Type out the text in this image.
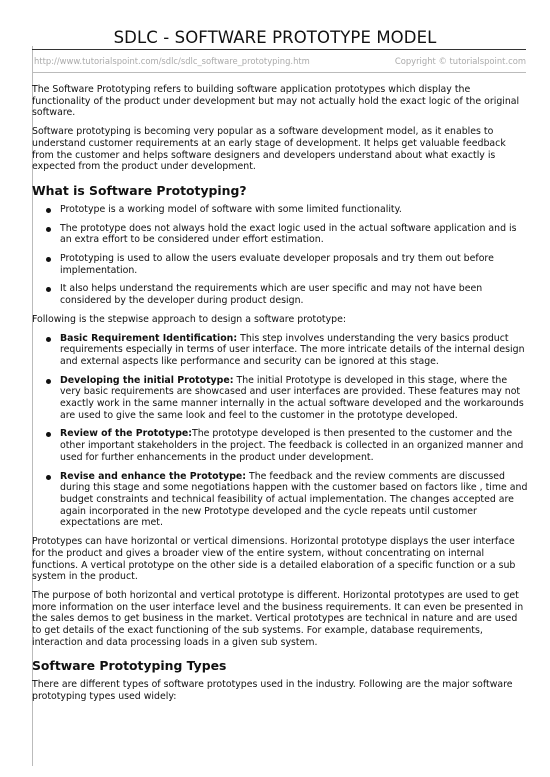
SDLC - SOFTWARE PROTOTYPE MODEL
http://www.tutorialspoint.com/sdlc/sdlc_software_prototyping.htm	Copyright © tutorialspoint.com

The Software Prototyping refers to building software application prototypes which display the functionality of the product under development but may not actually hold the exact logic of the original software.

Software prototyping is becoming very popular as a software development model, as it enables to understand customer requirements at an early stage of development. It helps get valuable feedback from the customer and helps software designers and developers understand about what exactly is expected from the product under development.

What is Software Prototyping?
Prototype is a working model of software with some limited functionality.
The prototype does not always hold the exact logic used in the actual software application and is an extra effort to be considered under effort estimation.
Prototyping is used to allow the users evaluate developer proposals and try them out before implementation.
It also helps understand the requirements which are user specific and may not have been considered by the developer during product design.

Following is the stepwise approach to design a software prototype:

Basic Requirement Identification: This step involves understanding the very basics product requirements especially in terms of user interface. The more intricate details of the internal design and external aspects like performance and security can be ignored at this stage.
Developing the initial Prototype: The initial Prototype is developed in this stage, where the very basic requirements are showcased and user interfaces are provided. These features may not exactly work in the same manner internally in the actual software developed and the workarounds are used to give the same look and feel to the customer in the prototype developed.
Review of the Prototype:The prototype developed is then presented to the customer and the other important stakeholders in the project. The feedback is collected in an organized manner and used for further enhancements in the product under development.
Revise and enhance the Prototype: The feedback and the review comments are discussed during this stage and some negotiations happen with the customer based on factors like , time and budget constraints and technical feasibility of actual implementation. The changes accepted are again incorporated in the new Prototype developed and the cycle repeats until customer expectations are met.

Prototypes can have horizontal or vertical dimensions. Horizontal prototype displays the user interface for the product and gives a broader view of the entire system, without concentrating on internal functions. A vertical prototype on the other side is a detailed elaboration of a specific function or a sub system in the product.

The purpose of both horizontal and vertical prototype is different. Horizontal prototypes are used to get more information on the user interface level and the business requirements. It can even be presented in the sales demos to get business in the market. Vertical prototypes are technical in nature and are used to get details of the exact functioning of the sub systems. For example, database requirements, interaction and data processing loads in a given sub system.

Software Prototyping Types

There are different types of software prototypes used in the industry. Following are the major software prototyping types used widely:
